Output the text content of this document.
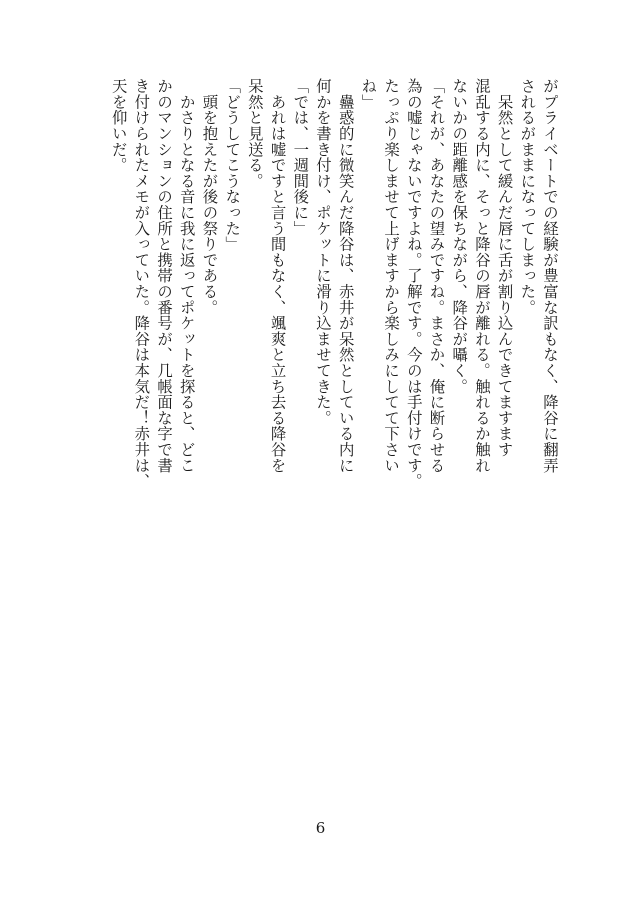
がプライベートでの経験が豊富な訳もなく、降谷に翻弄
されるがままになってしまった。
　呆然として緩んだ唇に舌が割り込んできてますます
混乱する内に、そっと降谷の唇が離れる。触れるか触れ
ないかの距離感を保ちながら、降谷が囁く。
「それが、あなたの望みですね。まさか、俺に断らせる
為の嘘じゃないですよね。了解です。今のは手付けです。
たっぷり楽しませて上げますから楽しみにしてて下さい
ね」
　蠱惑的に微笑んだ降谷は、赤井が呆然としている内に
何かを書き付け、ポケットに滑り込ませてきた。
「では、一週間後に」
　あれは嘘ですと言う間もなく、颯爽と立ち去る降谷を
呆然と見送る。
「どうしてこうなった」
　頭を抱えたが後の祭りである。
　かさりとなる音に我に返ってポケットを探ると、どこ
かのマンションの住所と携帯の番号が、几帳面な字で書
き付けられたメモが入っていた。降谷は本気だ！赤井は、
天を仰いだ。
6
